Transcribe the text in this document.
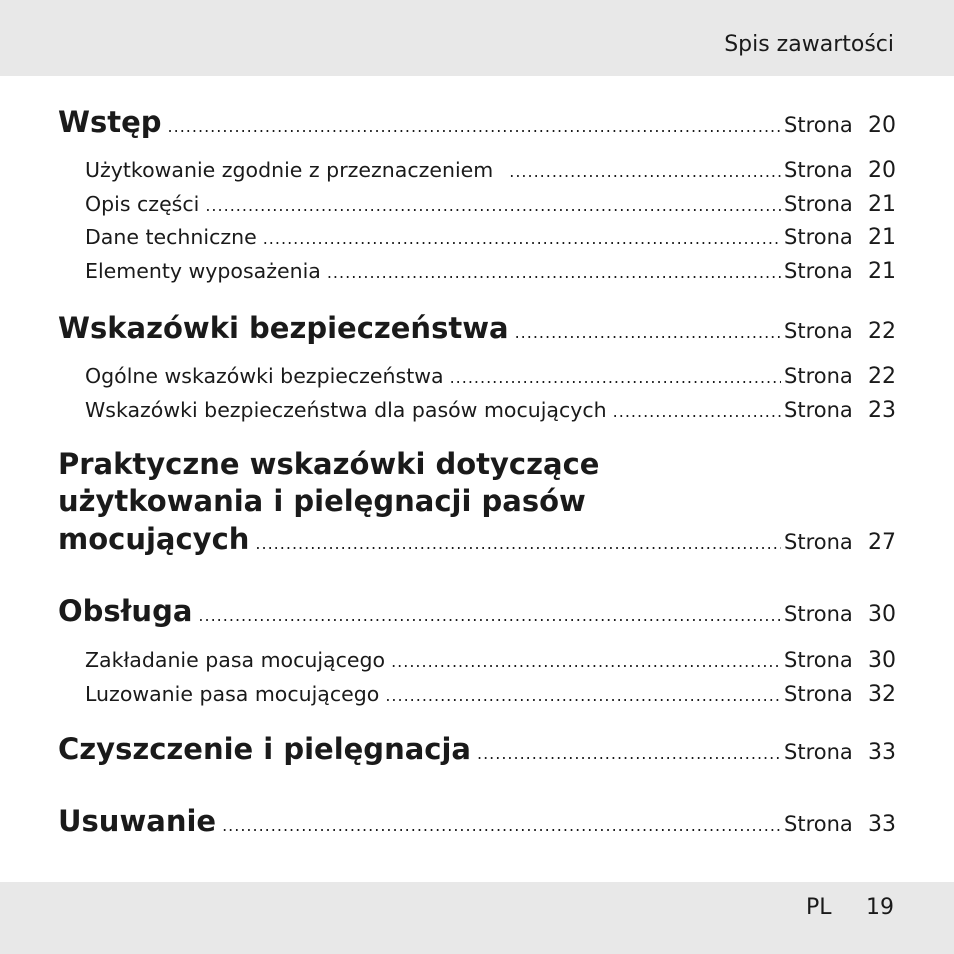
Spis zawartości
Wstęp .....	Strona 20
Użytkowanie zgodnie z przeznaczeniem .....	Strona 20
Opis części .....	Strona 21
Dane techniczne .....	Strona 21
Elementy wyposażenia .....	Strona 21
Wskazówki bezpieczeństwa .....	Strona 22
Ogólne wskazówki bezpieczeństwa .....	Strona 22
Wskazówki bezpieczeństwa dla pasów mocujących .....	Strona 23
Praktyczne wskazówki dotyczące
użytkowania i pielęgnacji pasów
mocujących .....	Strona 27
Obsługa .....	Strona 30
Zakładanie pasa mocującego .....	Strona 30
Luzowanie pasa mocującego .....	Strona 32
Czyszczenie i pielęgnacja .....	Strona 33
Usuwanie .....	Strona 33
PL 19
